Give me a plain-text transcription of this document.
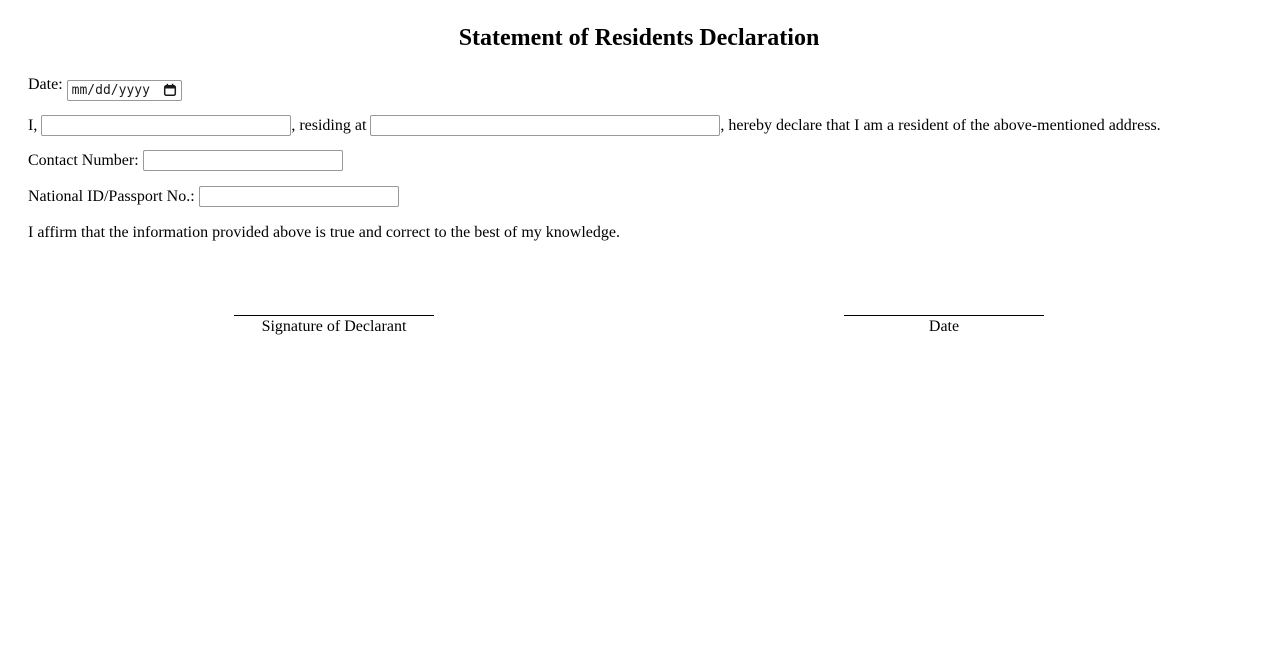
Statement of Residents Declaration

Date: mm/dd/yyyy

I,	, residing at	, hereby declare that I am a resident of the above-mentioned address.

Contact Number:

National ID/Passport No.:

I affirm that the information provided above is true and correct to the best of my knowledge.

Signature of Declarant	Date
